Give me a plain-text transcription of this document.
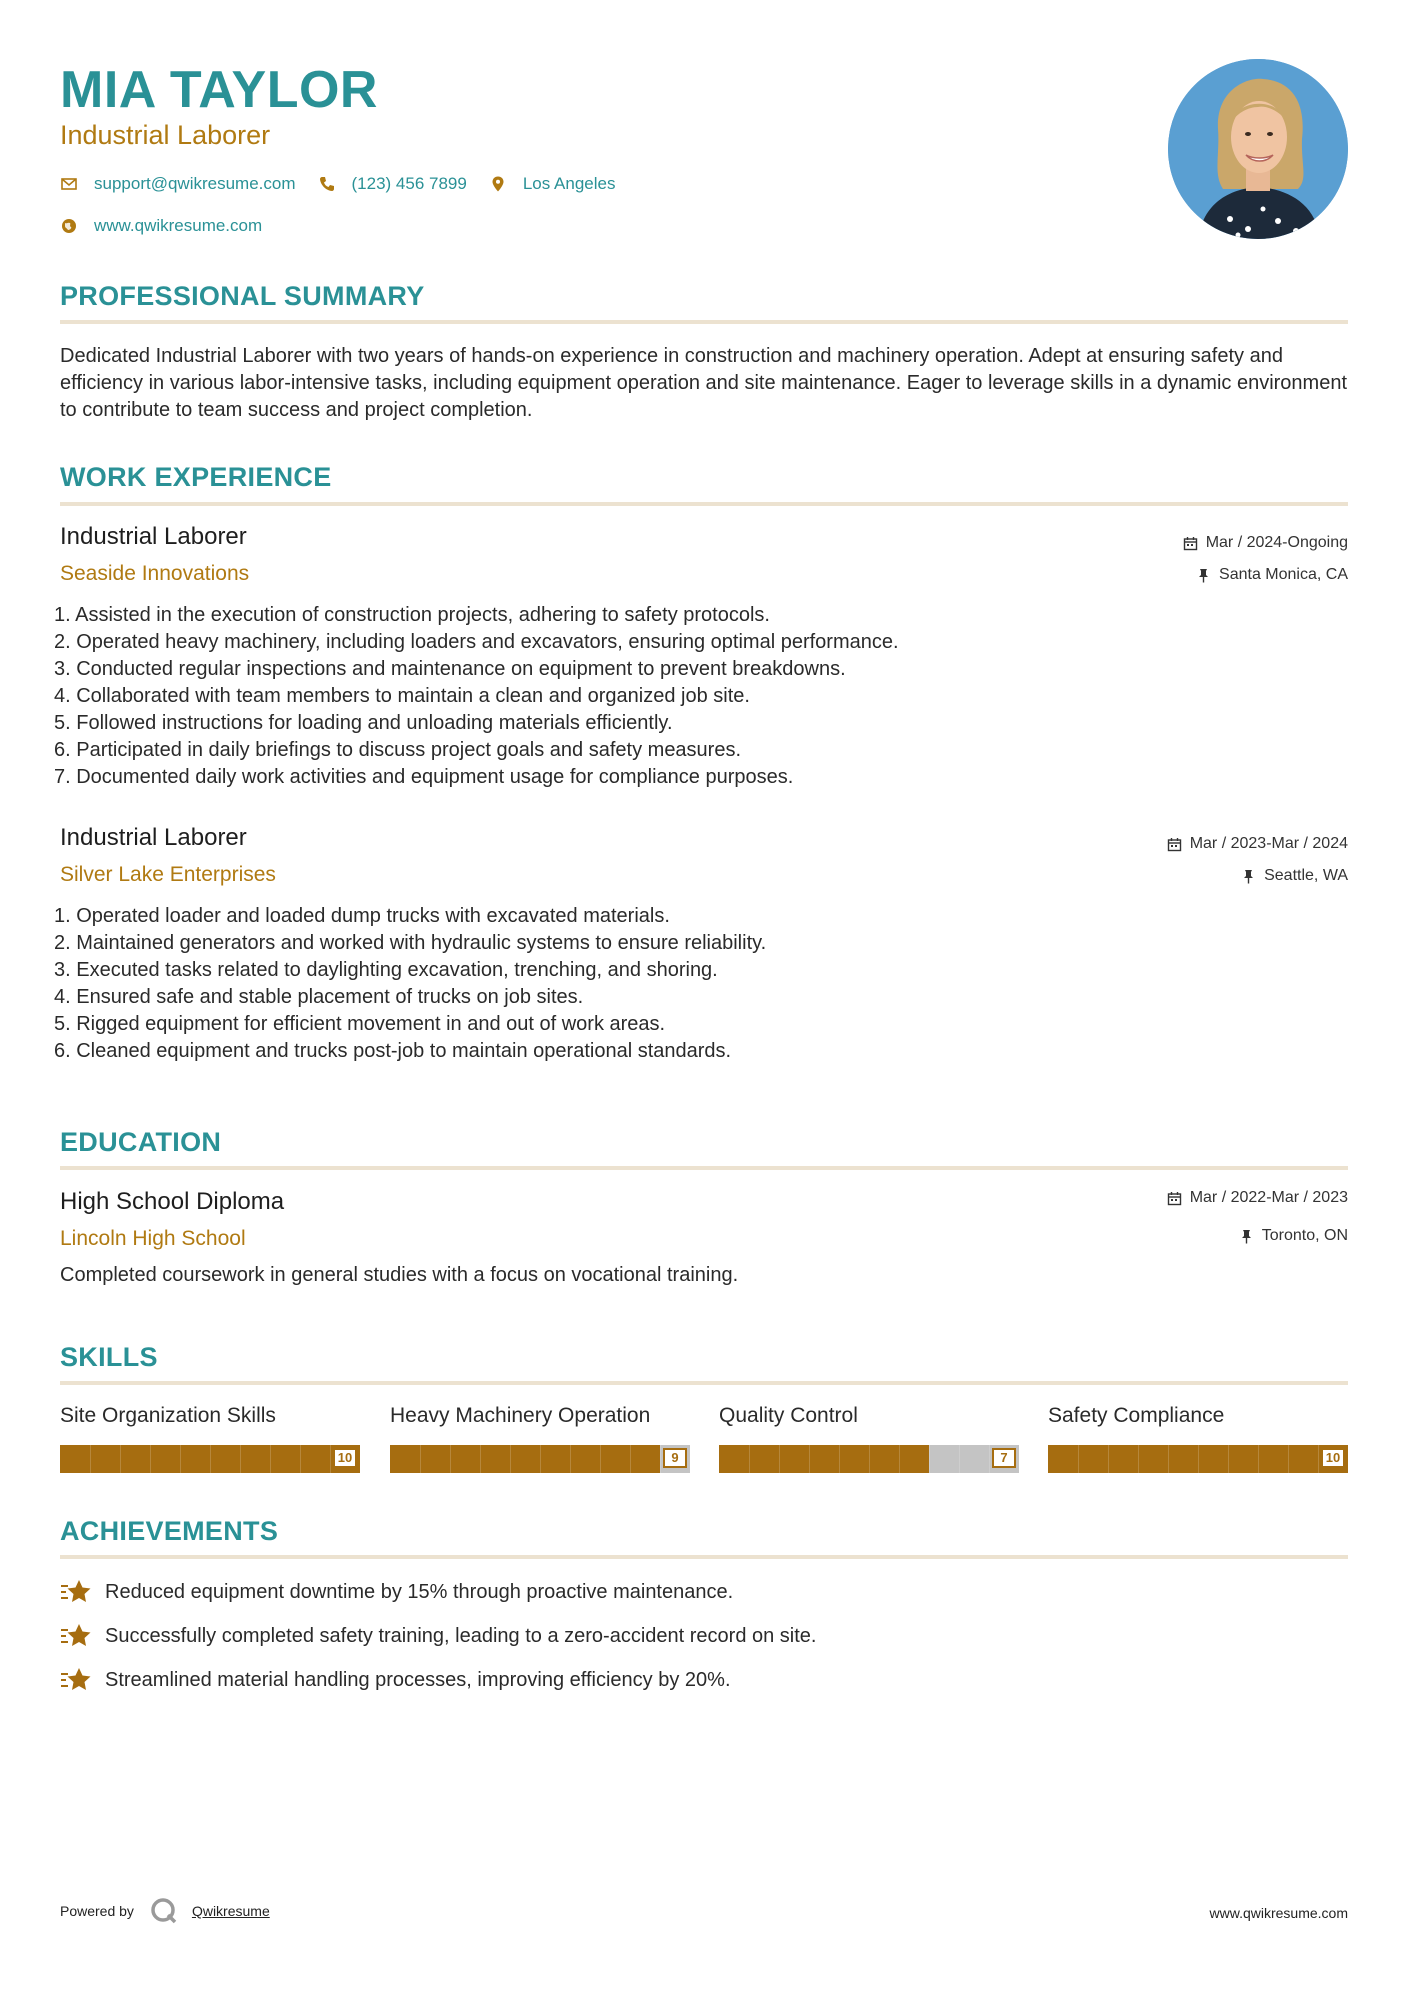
MIA TAYLOR
Industrial Laborer
support@qwikresume.com	(123) 456 7899	Los Angeles
www.qwikresume.com
PROFESSIONAL SUMMARY
Dedicated Industrial Laborer with two years of hands-on experience in construction and machinery operation. Adept at ensuring safety and efficiency in various labor-intensive tasks, including equipment operation and site maintenance. Eager to leverage skills in a dynamic environment to contribute to team success and project completion.
WORK EXPERIENCE
Industrial Laborer
Seaside Innovations
Mar / 2024-Ongoing
Santa Monica, CA
1. Assisted in the execution of construction projects, adhering to safety protocols.
2. Operated heavy machinery, including loaders and excavators, ensuring optimal performance.
3. Conducted regular inspections and maintenance on equipment to prevent breakdowns.
4. Collaborated with team members to maintain a clean and organized job site.
5. Followed instructions for loading and unloading materials efficiently.
6. Participated in daily briefings to discuss project goals and safety measures.
7. Documented daily work activities and equipment usage for compliance purposes.
Industrial Laborer
Silver Lake Enterprises
Mar / 2023-Mar / 2024
Seattle, WA
1. Operated loader and loaded dump trucks with excavated materials.
2. Maintained generators and worked with hydraulic systems to ensure reliability.
3. Executed tasks related to daylighting excavation, trenching, and shoring.
4. Ensured safe and stable placement of trucks on job sites.
5. Rigged equipment for efficient movement in and out of work areas.
6. Cleaned equipment and trucks post-job to maintain operational standards.
EDUCATION
High School Diploma
Lincoln High School
Mar / 2022-Mar / 2023
Toronto, ON
Completed coursework in general studies with a focus on vocational training.
SKILLS
Site Organization Skills
10
Heavy Machinery Operation
9
Quality Control
7
Safety Compliance
10
ACHIEVEMENTS
Reduced equipment downtime by 15% through proactive maintenance.
Successfully completed safety training, leading to a zero-accident record on site.
Streamlined material handling processes, improving efficiency by 20%.
Powered by	Qwikresume	www.qwikresume.com
